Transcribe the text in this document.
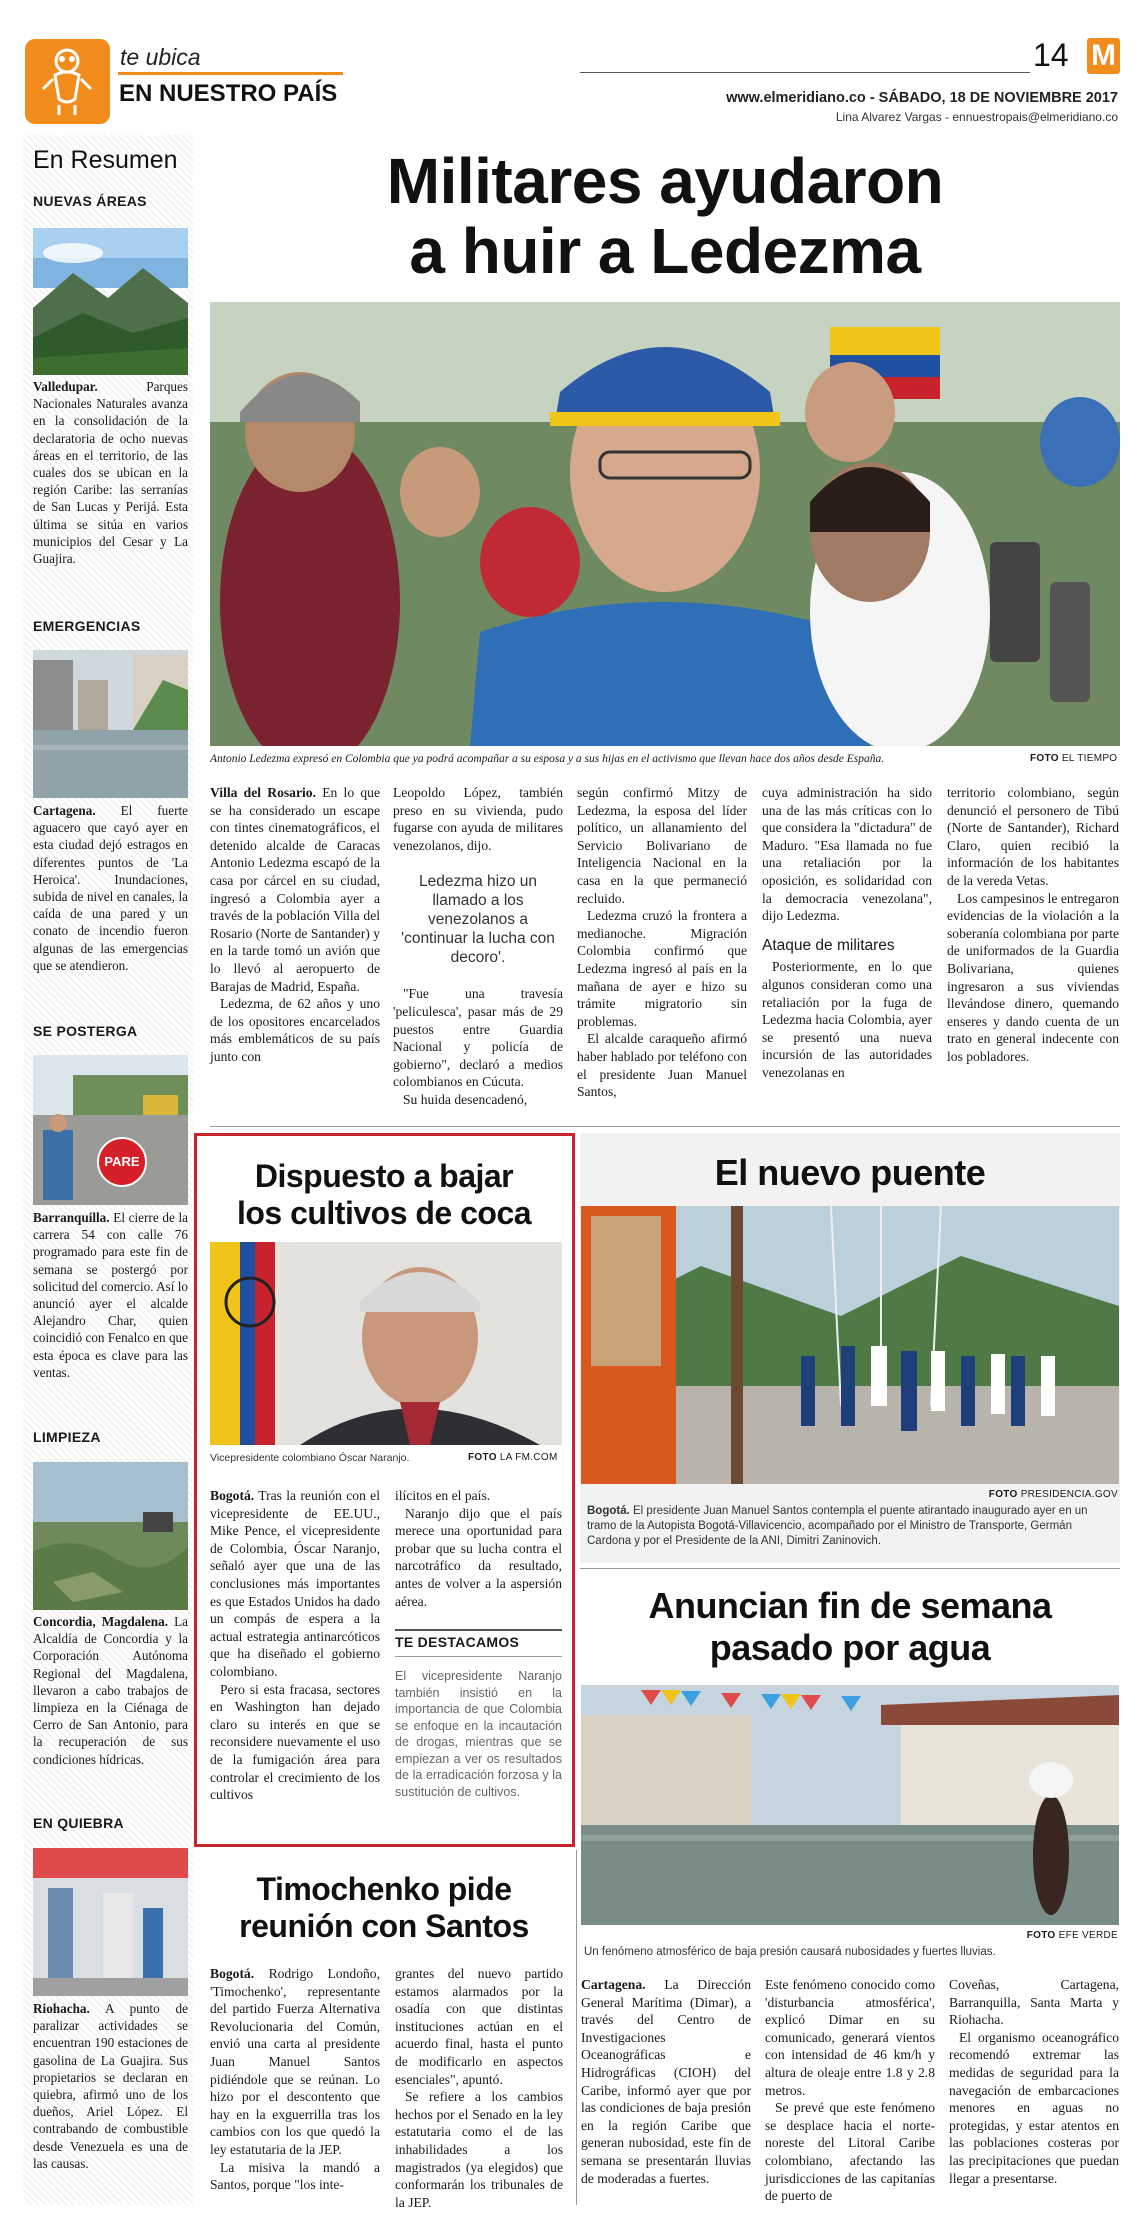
te ubica
EN NUESTRO PAÍS
14 M
www.elmeridiano.co - SÁBADO, 18 DE NOVIEMBRE 2017
Lina Alvarez Vargas - ennuestropais@elmeridiano.co
En Resumen
NUEVAS ÁREAS
Valledupar.	Parques Nacionales Naturales avanza en la consolidación de la declaratoria de ocho nuevas áreas en el territorio, de las cuales dos se ubican en la región Caribe: las serranías de San Lucas y Perijá. Esta última se sitúa en varios municipios del Cesar y La Guajira.
EMERGENCIAS
Cartagena. El fuerte aguacero que cayó ayer en esta ciudad dejó estragos en diferentes puntos de 'La Heroica'. Inundaciones, subida de nivel en canales, la caída de una pared y un conato de incendio fueron algunas de las emergencias que se atendieron.
SE POSTERGA
PARE
Barranquilla. El cierre de la carrera 54 con calle 76 programado para este fin de semana se postergó por solicitud del comercio. Así lo anunció ayer el alcalde Alejandro Char, quien coincidió con Fenalco en que esta época es clave para las ventas.
LIMPIEZA
Concordia, Magdalena. La Alcaldía de Concordia y la Corporación Autónoma Regional del Magdalena, llevaron a cabo trabajos de limpieza en la Ciénaga de Cerro de San Antonio, para la recuperación de sus condiciones hídricas.
EN QUIEBRA
Riohacha. A punto de paralizar actividades se encuentran 190 estaciones de gasolina de La Guajira. Sus propietarios se declaran en quiebra, afirmó uno de los dueños, Ariel López. El contrabando de combustible desde Venezuela es una de las causas.
Militares ayudaron
a huir a Ledezma
Antonio Ledezma expresó en Colombia que ya podrá acompañar a su esposa y a sus hijas en el activismo que llevan hace dos años desde España.	FOTO EL TIEMPO

Villa del Rosario. En lo que se ha considerado un escape con tintes cinematográficos, el detenido alcalde de Caracas Antonio Ledezma escapó de la casa por cárcel en su ciudad, ingresó a Colombia ayer a través de la población Villa del Rosario (Norte de Santander) y en la tarde tomó un avión que lo llevó al aeropuerto de Barajas de Madrid, España.

Ledezma, de 62 años y uno de los opositores encarcelados más emblemáticos de su país junto con

Leopoldo López, también preso en su vivienda, pudo fugarse con ayuda de militares venezolanos, dijo.

Ledezma hizo un llamado a los venezolanos a 'continuar la lucha con decoro'.

"Fue una travesía 'peliculesca', pasar más de 29 puestos entre Guardia Nacional y policía de gobierno", declaró a medios colombianos en Cúcuta.

Su huida desencadenó,

según confirmó Mitzy de Ledezma, la esposa del líder político, un allanamiento del Servicio Bolivariano de Inteligencia Nacional en la casa en la que permaneció recluido.

Ledezma cruzó la frontera a medianoche. Migración Colombia confirmó que Ledezma ingresó al país en la mañana de ayer e hizo su trámite migratorio sin problemas.

El alcalde caraqueño afirmó haber hablado por teléfono con el presidente Juan Manuel Santos,

cuya administración ha sido una de las más críticas con lo que considera la "dictadura" de Maduro. "Esa llamada no fue una retaliación por la oposición, es solidaridad con la democracia venezolana", dijo Ledezma.

Ataque de militares

Posteriormente, en lo que algunos consideran como una retaliación por la fuga de Ledezma hacia Colombia, ayer se presentó una nueva incursión de las autoridades venezolanas en

territorio colombiano, según denunció el personero de Tibú (Norte de Santander), Richard Claro, quien recibió la información de los habitantes de la vereda Vetas.

Los campesinos le entregaron evidencias de la violación a la soberanía colombiana por parte de uniformados de la Guardia Bolivariana, quienes ingresaron a sus viviendas llevándose dinero, quemando enseres y dando cuenta de un trato en general indecente con los pobladores.

Dispuesto a bajar
los cultivos de coca
Vicepresidente colombiano Óscar Naranjo.	FOTO LA FM.COM

Bogotá. Tras la reunión con el vicepresidente de EE.UU., Mike Pence, el vicepresidente de Colombia, Óscar Naranjo, señaló ayer que una de las conclusiones más importantes es que Estados Unidos ha dado un compás de espera a la actual estrategia antinarcóticos que ha diseñado el gobierno colombiano.

Pero si esta fracasa, sectores en Washington han dejado claro su interés en que se reconsidere nuevamente el uso de la fumigación área para controlar el crecimiento de los cultivos

ilícitos en el país.

Naranjo dijo que el país merece una oportunidad para probar que su lucha contra el narcotráfico da resultado, antes de volver a la aspersión aérea.

TE DESTACAMOS
El vicepresidente Naranjo también insistió en la importancia de que Colombia se enfoque en la incautación de drogas, mientras que se empiezan a ver os resultados de la erradicación forzosa y la sustitución de cultivos.
Timochenko pide
reunión con Santos

Bogotá. Rodrigo Londoño, 'Timochenko', representante del partido Fuerza Alternativa Revolucionaria del Común, envió una carta al presidente Juan Manuel Santos pidiéndole que se reúnan. Lo hizo por el descontento que hay en la exguerrilla tras los cambios con los que quedó la ley estatutaria de la JEP.

La misiva la mandó a Santos, porque "los inte-

grantes del nuevo partido estamos alarmados por la osadía con que distintas instituciones actúan en el acuerdo final, hasta el punto de modificarlo en aspectos esenciales", apuntó.

Se refiere a los cambios hechos por el Senado en la ley estatutaria como el de las inhabilidades a los magistrados (ya elegidos) que conformarán los tribunales de la JEP.

El nuevo puente
FOTO PRESIDENCIA.GOV
Bogotá. El presidente Juan Manuel Santos contempla el puente atirantado inaugurado ayer en un tramo de la Autopista Bogotá-Villavicencio, acompañado por el Ministro de Transporte, Germán Cardona y por el Presidente de la ANI, Dimitri Zaninovich.
Anuncian fin de semana
pasado por agua
FOTO EFE VERDE
Un fenómeno atmosférico de baja presión causará nubosidades y fuertes lluvias.

Cartagena. La Dirección General Marítima (Dimar), a través del Centro de Investigaciones Oceanográficas e Hidrográficas (CIOH) del Caribe, informó ayer que por las condiciones de baja presión en la región Caribe que generan nubosidad, este fin de semana se presentarán lluvias de moderadas a fuertes.

Este fenómeno conocido como 'disturbancia atmosférica', explicó Dimar en su comunicado, generará vientos con intensidad de 46 km/h y altura de oleaje entre 1.8 y 2.8 metros.

Se prevé que este fenómeno se desplace hacia el norte-noreste del Litoral Caribe colombiano, afectando las jurisdicciones de las capitanías de puerto de

Coveñas, Cartagena, Barranquilla, Santa Marta y Riohacha.

El organismo oceanográfico recomendó extremar las medidas de seguridad para la navegación de embarcaciones menores en aguas no protegidas, y estar atentos en las poblaciones costeras por las precipitaciones que puedan llegar a presentarse.
